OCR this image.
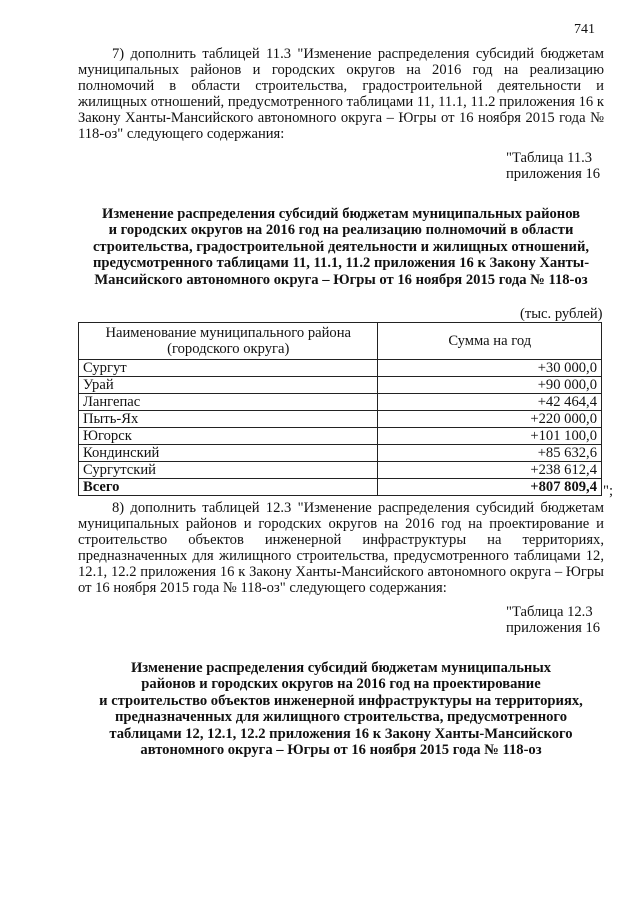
741

7) дополнить таблицей 11.3 "Изменение распределения субсидий бюджетам муниципальных районов и городских округов на 2016 год на реализацию полномочий в области строительства, градостроительной деятельности и жилищных отношений, предусмотренного таблицами 11, 11.1, 11.2 приложения 16 к Закону Ханты-Мансийского автономного округа – Югры от 16 ноября 2015 года № 118-оз" следующего содержания:

"Таблица 11.3
приложения 16
Изменение распределения субсидий бюджетам муниципальных районов
и городских округов на 2016 год на реализацию полномочий в области
строительства, градостроительной деятельности и жилищных отношений,
предусмотренного таблицами 11, 11.1, 11.2 приложения 16 к Закону Ханты-
Мансийского автономного округа – Югры от 16 ноября 2015 года № 118-оз
(тыс. рублей)
Наименование муниципального района
(городского округа)	Сумма на год
Сургут	+30 000,0
Урай	+90 000,0
Лангепас	+42 464,4
Пыть-Ях	+220 000,0
Югорск	+101 100,0
Кондинский	+85 632,6
Сургутский	+238 612,4
Всего	+807 809,4 ";

8) дополнить таблицей 12.3 "Изменение распределения субсидий бюджетам муниципальных районов и городских округов на 2016 год на проектирование и строительство объектов инженерной инфраструктуры на территориях, предназначенных для жилищного строительства, предусмотренного таблицами 12, 12.1, 12.2 приложения 16 к Закону Ханты-Мансийского автономного округа – Югры от 16 ноября 2015 года № 118-оз" следующего содержания:

"Таблица 12.3
приложения 16
Изменение распределения субсидий бюджетам муниципальных
районов и городских округов на 2016 год на проектирование
и строительство объектов инженерной инфраструктуры на территориях,
предназначенных для жилищного строительства, предусмотренного
таблицами 12, 12.1, 12.2 приложения 16 к Закону Ханты-Мансийского
автономного округа – Югры от 16 ноября 2015 года № 118-оз
